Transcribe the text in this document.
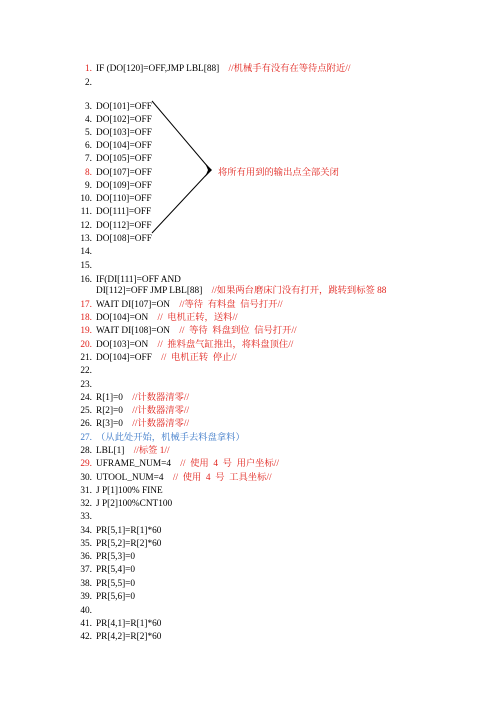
1. IF (DO[120]=OFF,JMP LBL[88] //机械手有没有在等待点附近//
2.
3. DO[101]=OFF
4. DO[102]=OFF
5. DO[103]=OFF
6. DO[104]=OFF
7. DO[105]=OFF
8. DO[107]=OFF
9. DO[109]=OFF
10. DO[110]=OFF
11. DO[111]=OFF
12. DO[112]=OFF
13. DO[108]=OFF
14.
15.
16. IF(DI[111]=OFF AND
DI[112]=OFF JMP LBL[88] //如果两台磨床门没有打开，跳转到标签 88
17. WAIT DI[107]=ON //等待  有料盘  信号打开//
18. DO[104]=ON //  电机正转，送料//
19. WAIT DI[108]=ON //  等待  料盘到位  信号打开//
20. DO[103]=ON //  推料盘气缸推出，将料盘顶住//
21. DO[104]=OFF //  电机正转  停止//
22.
23.
24. R[1]=0 //计数器清零//
25. R[2]=0 //计数器清零//
26. R[3]=0 //计数器清零//
27. （从此处开始，机械手去料盘拿料）
28. LBL[1] //标签 1//
29. UFRAME_NUM=4 //  使用  4  号  用户坐标//
30. UTOOL_NUM=4 //  使用  4  号  工具坐标//
31. J P[1]100% FINE
32. J P[2]100%CNT100
33.
34. PR[5,1]=R[1]*60
35. PR[5,2]=R[2]*60
36. PR[5,3]=0
37. PR[5,4]=0
38. PR[5,5]=0
39. PR[5,6]=0
40.
41. PR[4,1]=R[1]*60
42. PR[4,2]=R[2]*60
将所有用到的输出点全部关闭
